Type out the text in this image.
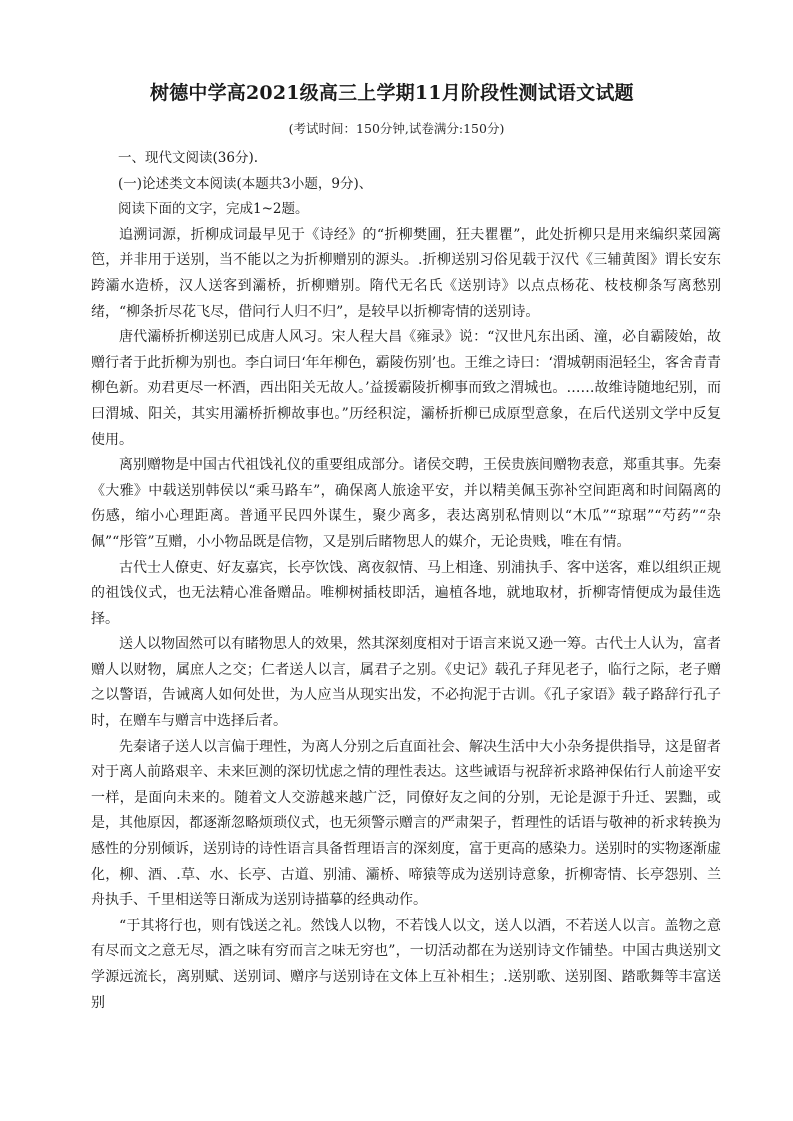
树德中学高2021级高三上学期11月阶段性测试语文试题
(考试时间：150分钟,试卷满分:150分)

一、现代文阅读(36分).

(一)论述类文本阅读(本题共3小题，9分)、

阅读下面的文字，完成1~2题。

追溯词源，折柳成词最早见于《诗经》的“折柳樊圃，狂夫瞿瞿”，此处折柳只是用来编织菜园篱笆，并非用于送别，当不能以之为折柳赠别的源头。.折柳送别习俗见载于汉代《三辅黄图》谓长安东跨灞水造桥，汉人送客到灞桥，折柳赠别。隋代无名氏《送别诗》以点点杨花、枝枝柳条写离愁别绪，“柳条折尽花飞尽，借问行人归不归”，是较早以折柳寄情的送别诗。

唐代灞桥折柳送别已成唐人风习。宋人程大昌《雍录》说：“汉世凡东出函、潼，必自霸陵始，故赠行者于此折柳为别也。李白词曰‘年年柳色，霸陵伤别’也。王维之诗曰：‘渭城朝雨浥轻尘，客舍青青柳色新。劝君更尽一杯酒，西出阳关无故人。’益援霸陵折柳事而致之渭城也。……故维诗随地纪别，而曰渭城、阳关，其实用灞桥折柳故事也。”历经积淀，灞桥折柳已成原型意象，在后代送别文学中反复使用。

离别赠物是中国古代祖饯礼仪的重要组成部分。诸侯交聘，王侯贵族间赠物表意，郑重其事。先秦《大雅》中载送别韩侯以“乘马路车”，确保离人旅途平安，并以精美佩玉弥补空间距离和时间隔离的伤感，缩小心理距离。普通平民四外谋生，聚少离多，表达离别私情则以“木瓜”“琼琚”“芍药”“杂佩”“彤管”互赠，小小物品既是信物，又是别后睹物思人的媒介，无论贵贱，唯在有情。

古代士人僚吏、好友嘉宾，长亭饮饯、离夜叙情、马上相逢、别浦执手、客中送客，难以组织正规的祖饯仪式，也无法精心准备赠品。唯柳树插枝即活，遍植各地，就地取材，折柳寄情便成为最佳选择。

送人以物固然可以有睹物思人的效果，然其深刻度相对于语言来说又逊一筹。古代士人认为，富者赠人以财物，属庶人之交；仁者送人以言，属君子之别。《史记》载孔子拜见老子，临行之际，老子赠之以警语，告诫离人如何处世，为人应当从现实出发，不必拘泥于古训。《孔子家语》载子路辞行孔子时，在赠车与赠言中选择后者。

先秦诸子送人以言偏于理性，为离人分别之后直面社会、解决生活中大小杂务提供指导，这是留者对于离人前路艰辛、未来叵测的深切忧虑之情的理性表达。这些诫语与祝辞祈求路神保佑行人前途平安一样，是面向未来的。随着文人交游越来越广泛，同僚好友之间的分别，无论是源于升迁、罢黜，或是，其他原因，都逐渐忽略烦琐仪式，也无须警示赠言的严肃架子，哲理性的话语与敬神的祈求转换为感性的分别倾诉，送别诗的诗性语言具备哲理语言的深刻度，富于更高的感染力。送别时的实物逐渐虚化，柳、酒、.草、水、长亭、古道、别浦、灞桥、啼猿等成为送别诗意象，折柳寄情、长亭怨别、兰舟执手、千里相送等日渐成为送别诗描摹的经典动作。

“于其将行也，则有饯送之礼。然饯人以物，不若饯人以文，送人以酒，不若送人以言。盖物之意有尽而文之意无尽，酒之味有穷而言之味无穷也”，一切活动都在为送别诗文作铺垫。中国古典送别文学源远流长，离别赋、送别词、赠序与送别诗在文体上互补相生；.送别歌、送别图、踏歌舞等丰富送别
